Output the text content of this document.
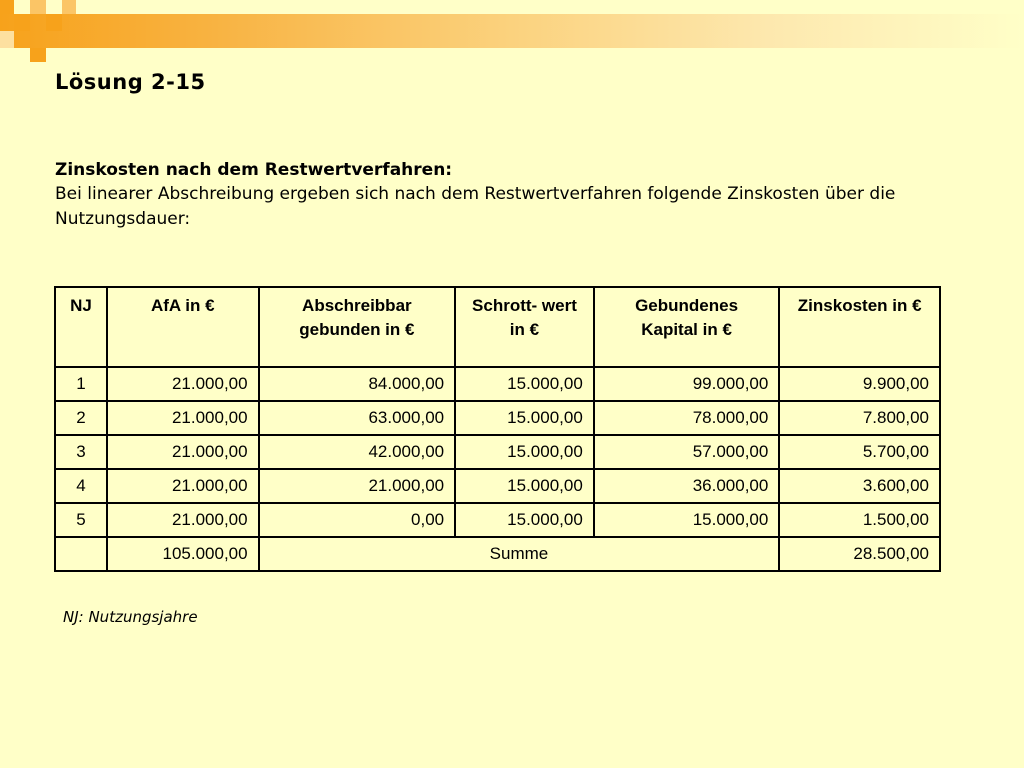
Lösung 2-15
Zinskosten nach dem Restwertverfahren:
Bei linearer Abschreibung ergeben sich nach dem Restwertverfahren folgende Zinskosten über die Nutzungsdauer:
NJ	AfA in €	Abschreibbar gebunden in €	Schrott- wert in €	Gebundenes Kapital in €	Zinskosten in €
1	21.000,00	84.000,00	15.000,00	99.000,00	9.900,00
2	21.000,00	63.000,00	15.000,00	78.000,00	7.800,00
3	21.000,00	42.000,00	15.000,00	57.000,00	5.700,00
4	21.000,00	21.000,00	15.000,00	36.000,00	3.600,00
5	21.000,00	0,00	15.000,00	15.000,00	1.500,00
	105.000,00	Summe			28.500,00
NJ: Nutzungsjahre
